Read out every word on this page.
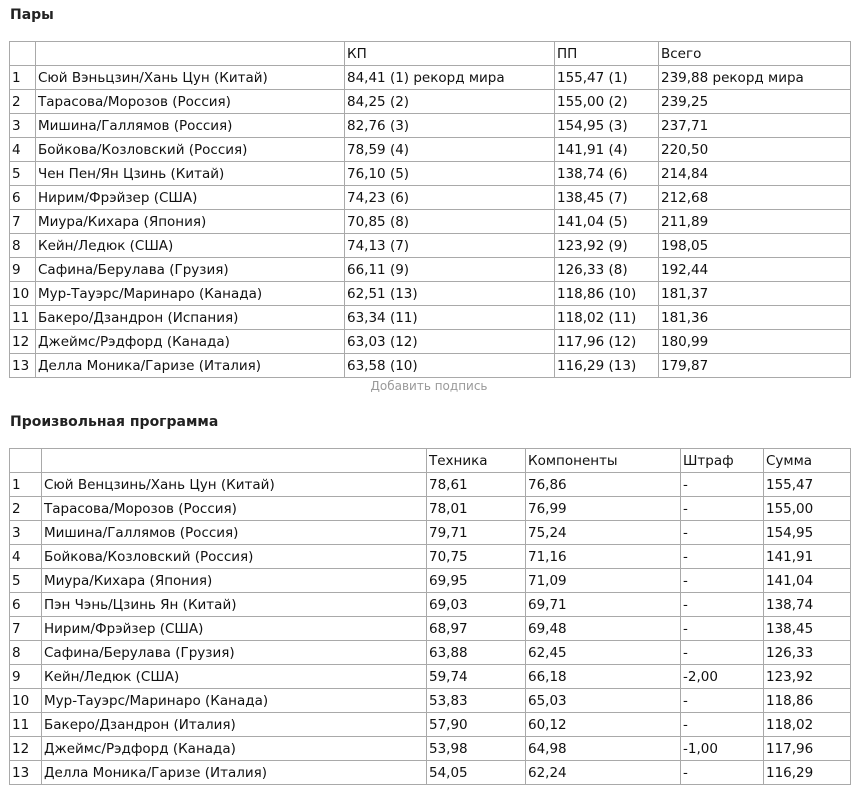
Пары
		КП	ПП	Всего
1	Сюй Вэньцзин/Хань Цун (Китай)	84,41 (1) рекорд мира	155,47 (1)	239,88 рекорд мира
2	Тарасова/Морозов (Россия)	84,25 (2)	155,00 (2)	239,25
3	Мишина/Галлямов (Россия)	82,76 (3)	154,95 (3)	237,71
4	Бойкова/Козловский (Россия)	78,59 (4)	141,91 (4)	220,50
5	Чен Пен/Ян Цзинь (Китай)	76,10 (5)	138,74 (6)	214,84
6	Нирим/Фрэйзер (США)	74,23 (6)	138,45 (7)	212,68
7	Миура/Кихара (Япония)	70,85 (8)	141,04 (5)	211,89
8	Кейн/Ледюк (США)	74,13 (7)	123,92 (9)	198,05
9	Сафина/Берулава (Грузия)	66,11 (9)	126,33 (8)	192,44
10	Мур-Тауэрс/Маринаро (Канада)	62,51 (13)	118,86 (10)	181,37
11	Бакеро/Дзандрон (Испания)	63,34 (11)	118,02 (11)	181,36
12	Джеймс/Рэдфорд (Канада)	63,03 (12)	117,96 (12)	180,99
13	Делла Моника/Гаризе (Италия)	63,58 (10)	116,29 (13)	179,87
Добавить подпись
Произвольная программа
		Техника	Компоненты	Штраф	Сумма
1	Сюй Венцзинь/Хань Цун (Китай)	78,61	76,86	-	155,47
2	Тарасова/Морозов (Россия)	78,01	76,99	-	155,00
3	Мишина/Галлямов (Россия)	79,71	75,24	-	154,95
4	Бойкова/Козловский (Россия)	70,75	71,16	-	141,91
5	Миура/Кихара (Япония)	69,95	71,09	-	141,04
6	Пэн Чэнь/Цзинь Ян (Китай)	69,03	69,71	-	138,74
7	Нирим/Фрэйзер (США)	68,97	69,48	-	138,45
8	Сафина/Берулава (Грузия)	63,88	62,45	-	126,33
9	Кейн/Ледюк (США)	59,74	66,18	-2,00	123,92
10	Мур-Тауэрс/Маринаро (Канада)	53,83	65,03	-	118,86
11	Бакеро/Дзандрон (Италия)	57,90	60,12	-	118,02
12	Джеймс/Рэдфорд (Канада)	53,98	64,98	-1,00	117,96
13	Делла Моника/Гаризе (Италия)	54,05	62,24	-	116,29
